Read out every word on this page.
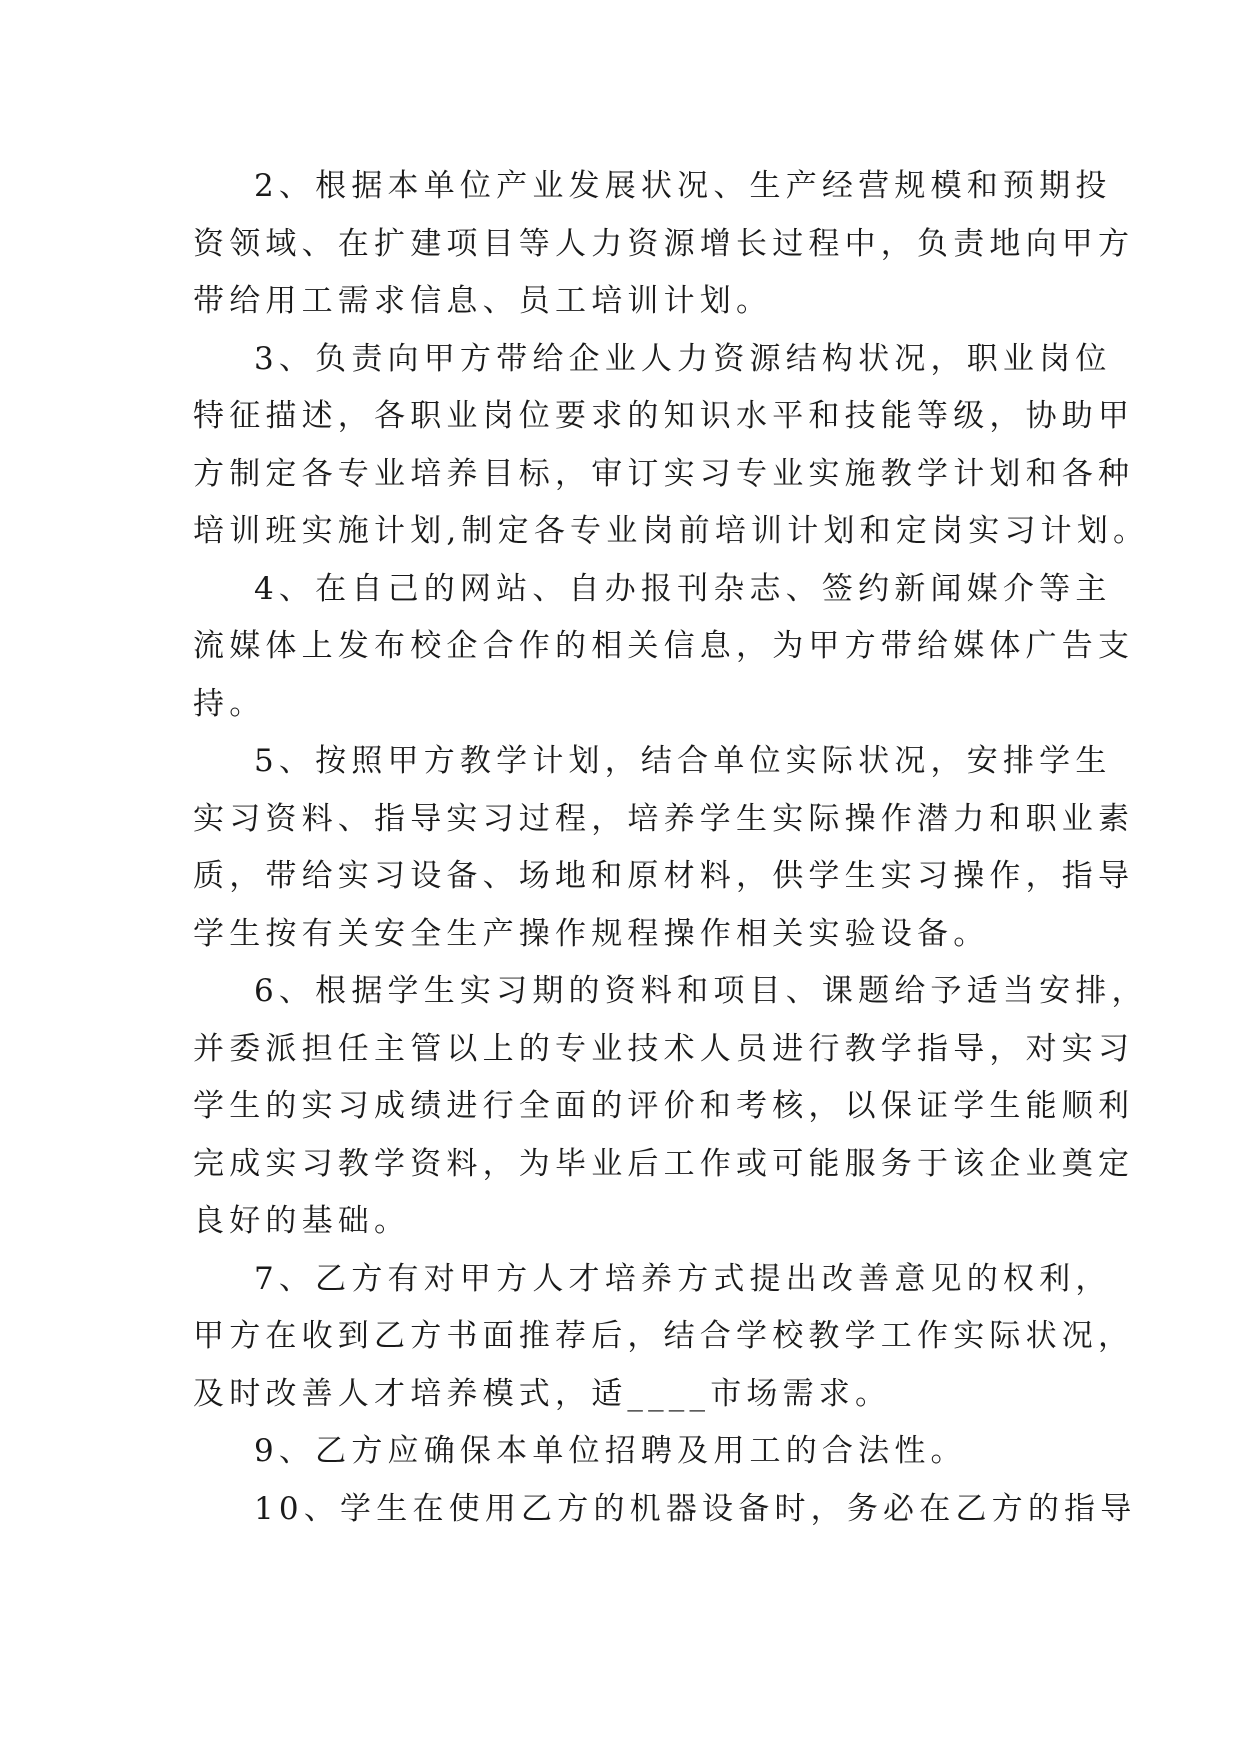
2、根据本单位产业发展状况、生产经营规模和预期投

资领域、在扩建项目等人力资源增长过程中，负责地向甲方

带给用工需求信息、员工培训计划。

3、负责向甲方带给企业人力资源结构状况，职业岗位

特征描述，各职业岗位要求的知识水平和技能等级，协助甲

方制定各专业培养目标，审订实习专业实施教学计划和各种

培训班实施计划,制定各专业岗前培训计划和定岗实习计划。

4、在自己的网站、自办报刊杂志、签约新闻媒介等主

流媒体上发布校企合作的相关信息，为甲方带给媒体广告支

持。

5、按照甲方教学计划，结合单位实际状况，安排学生

实习资料、指导实习过程，培养学生实际操作潜力和职业素

质，带给实习设备、场地和原材料，供学生实习操作，指导

学生按有关安全生产操作规程操作相关实验设备。

6、根据学生实习期的资料和项目、课题给予适当安排，

并委派担任主管以上的专业技术人员进行教学指导，对实习

学生的实习成绩进行全面的评价和考核，以保证学生能顺利

完成实习教学资料，为毕业后工作或可能服务于该企业奠定

良好的基础。

7、乙方有对甲方人才培养方式提出改善意见的权利，

甲方在收到乙方书面推荐后，结合学校教学工作实际状况，

及时改善人才培养模式，适____市场需求。

9、乙方应确保本单位招聘及用工的合法性。

10、学生在使用乙方的机器设备时，务必在乙方的指导
